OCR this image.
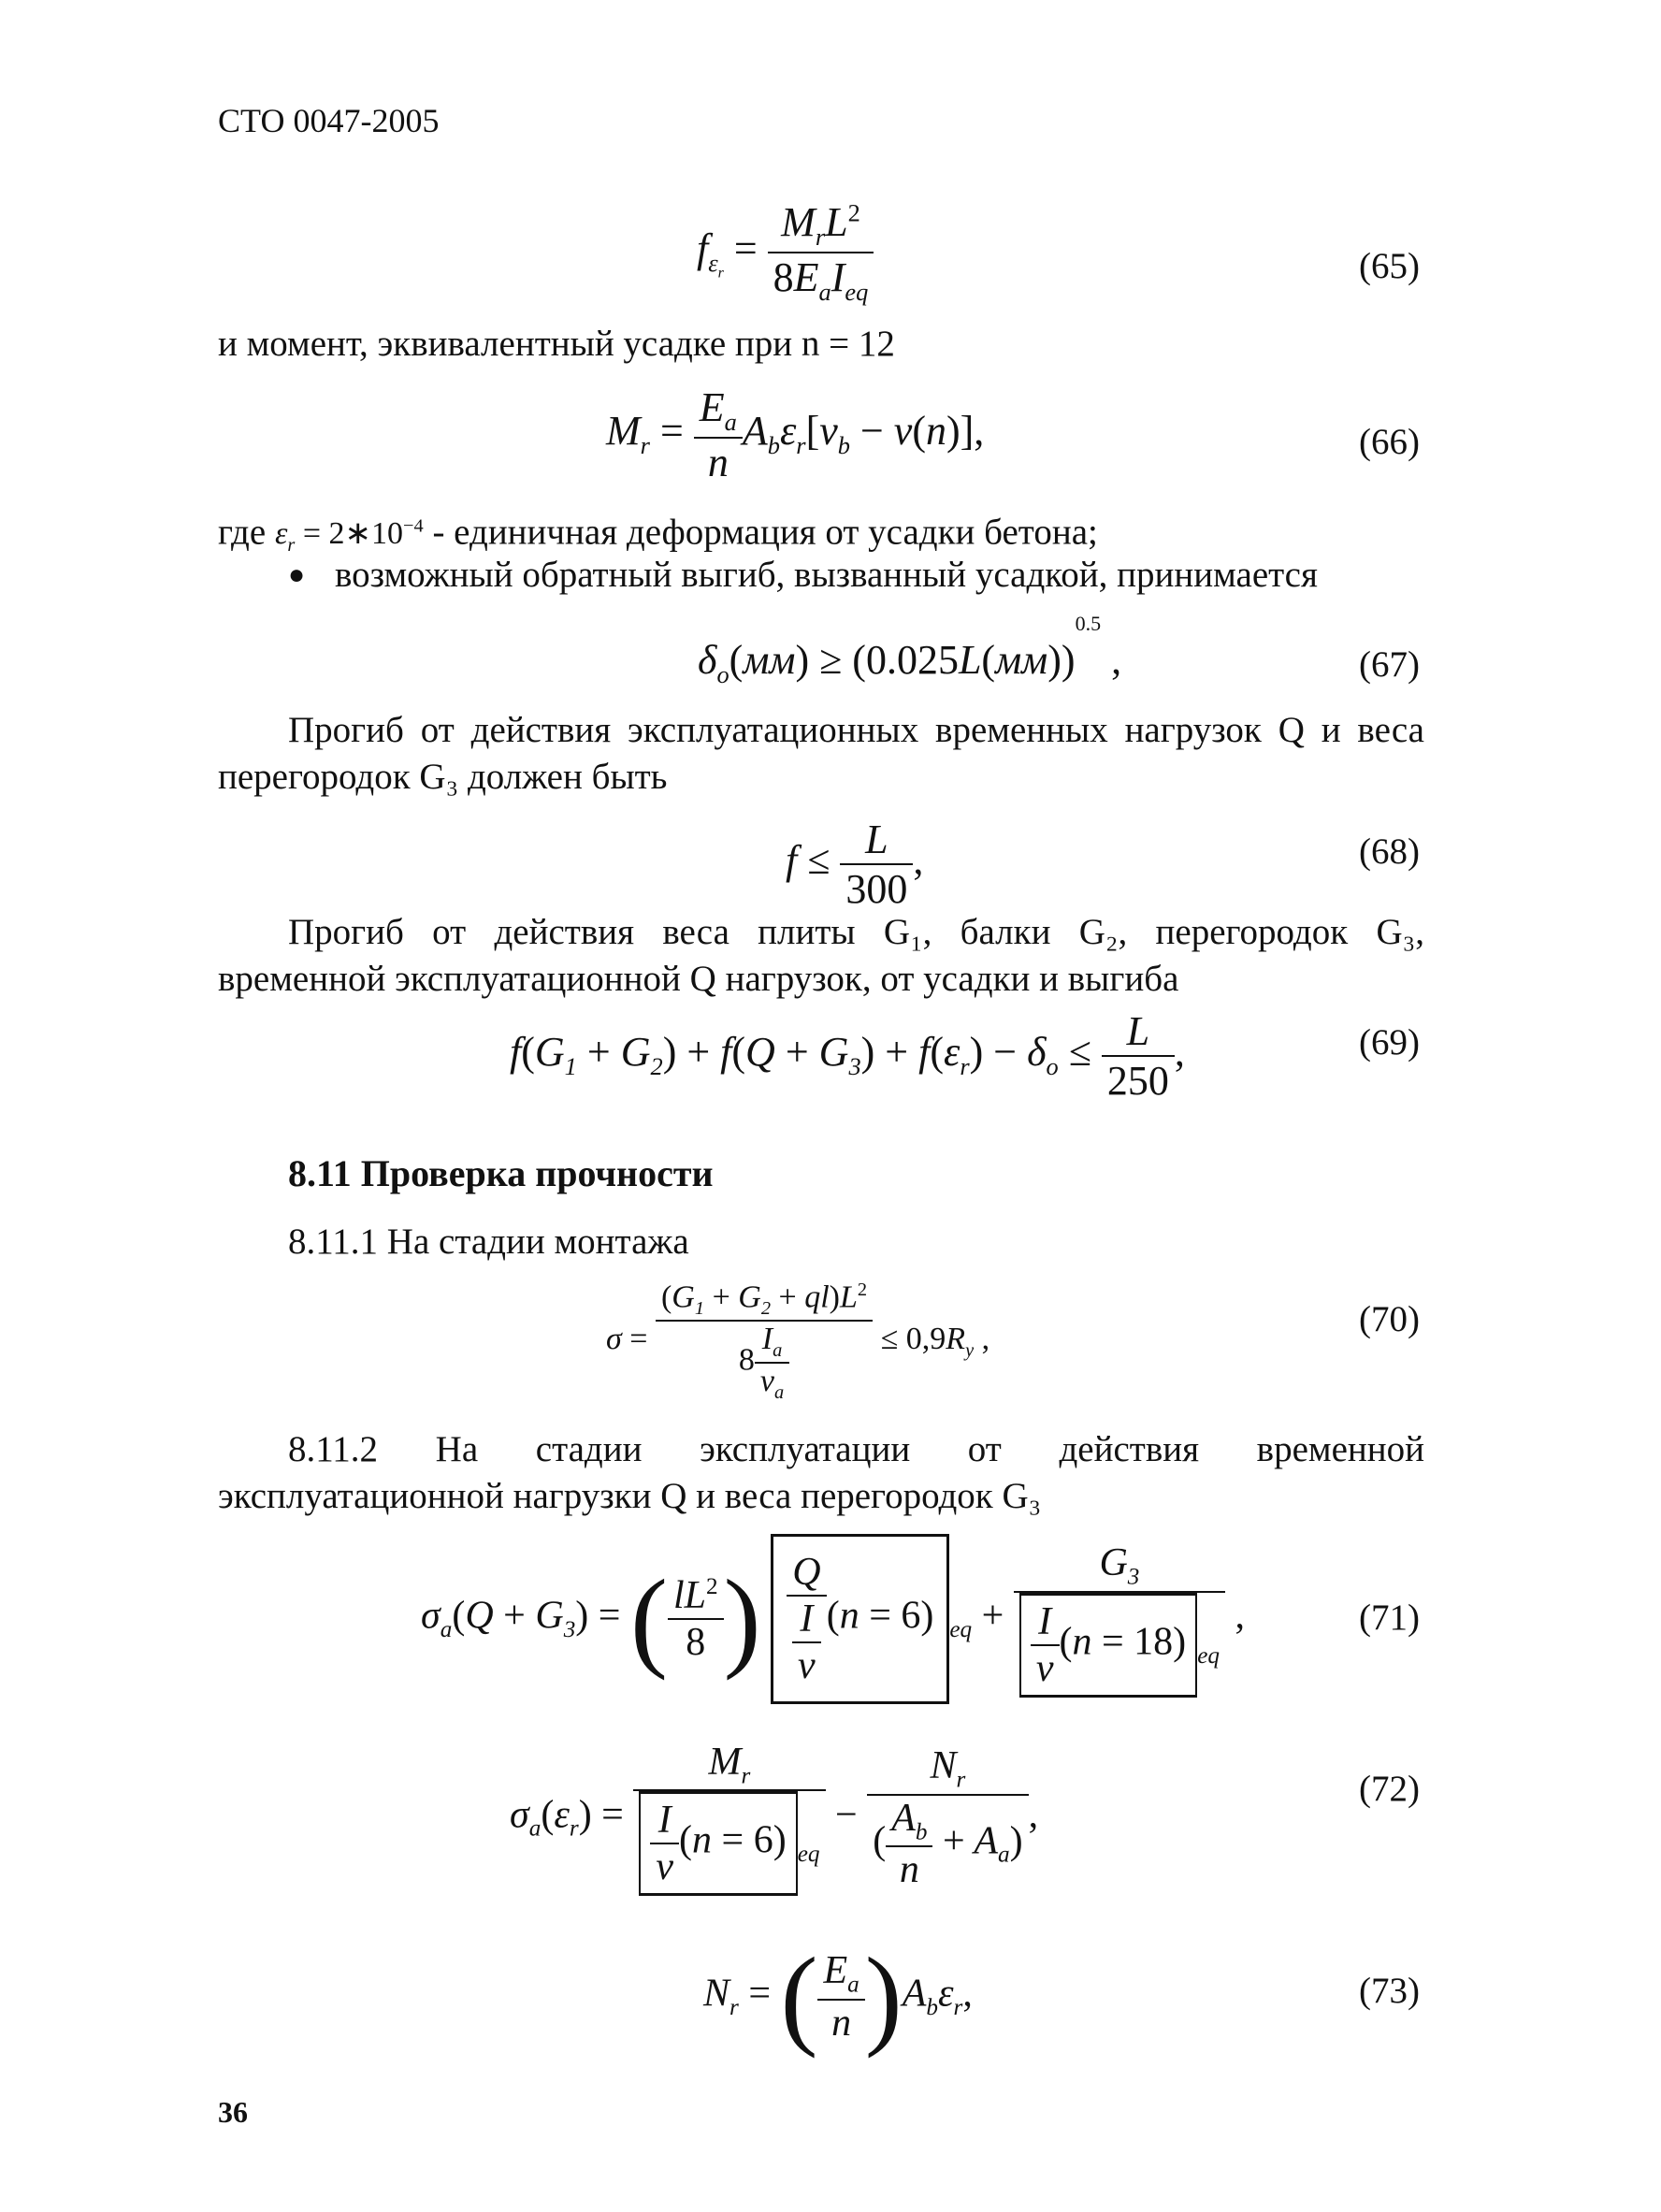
СТО 0047-2005
$f_{\varepsilon_r} = \frac{M_rL^2}{8E_aI_{eq}}$	(65)
и момент, эквивалентный усадке при n = 12
$M_r = \frac{E_a}{n} A_b\varepsilon_r[\nu_b - \nu(n)]$,	(66)
где $\varepsilon_r$ = $2∗10^{-4}$ - единичная деформация от усадки бетона;
● возможный обратный выгиб, вызванный усадкой, принимается
$\delta_o(мм) \ge (0.025L(мм))^{0.5}$ ,	(67)
Прогиб от действия эксплуатационных временных нагрузок Q и веса перегородок G₃ должен быть
$f \le \frac{L}{300}$ ,	(68)
Прогиб от действия веса плиты G₁, балки G₂, перегородок G₃, временной эксплуатационной Q нагрузок, от усадки и выгиба
$f(G_1 + G_2) + f(Q + G_3) + f(\varepsilon_r) - \delta_o \le \frac{L}{250}$ ,	(69)
8.11 Проверка прочности
8.11.1 На стадии монтажа
$\sigma = \frac{(G_1 + G_2 + ql)L^2}{8 \frac{I_a}{\nu_a}} \le 0,9R_y$ ,	(70)
8.11.2 На стадии эксплуатации от действия временной эксплуатационной нагрузки Q и веса перегородок G₃
$\sigma_a(Q + G_3)$ = ( $\frac{lL^2}{8}$ ) $\frac{Q}{\frac{I}{\nu}} (n = 6) _{eq} + \frac{G_3}{\frac{I}{\nu} (n = 18) _{eq}}$ ,	(71)
$\sigma_a(\varepsilon_r) = \frac{M_r}{\frac{I}{\nu} (n = 6) _{eq}} - \frac{N_r}{( \frac{A_b}{n} + A_a)}$ ,
(72)
$N_r$ = ( $\frac{E_a}{n} )A_b\varepsilon_r$,	(73)
36
